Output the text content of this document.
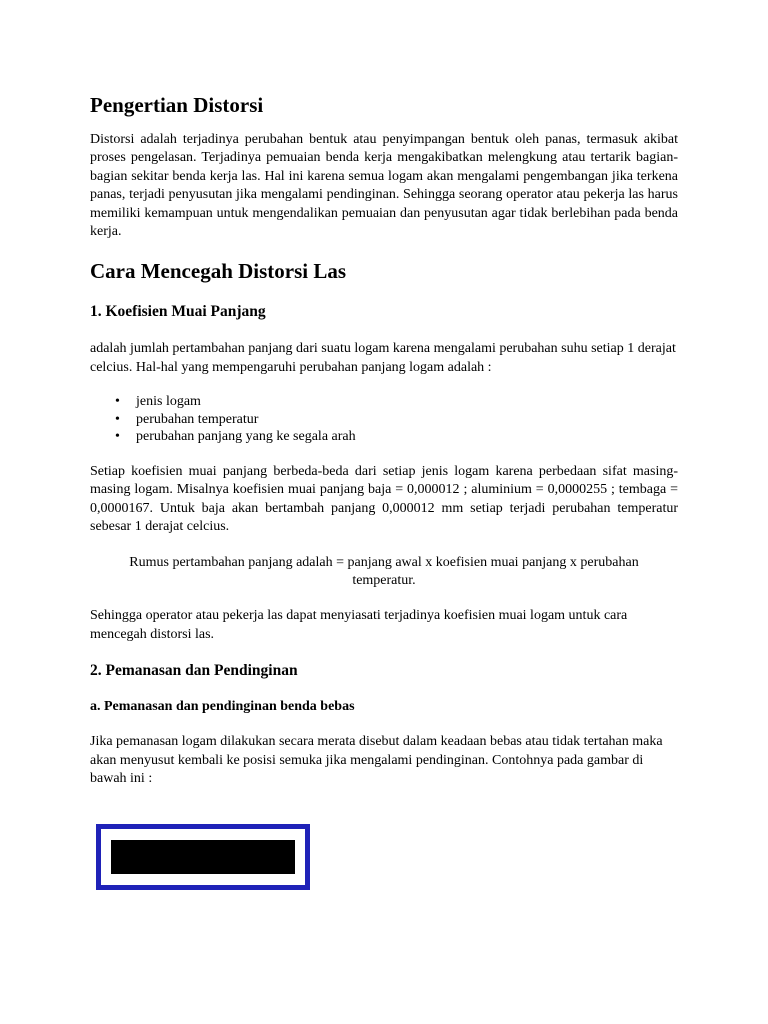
Pengertian Distorsi

Distorsi adalah terjadinya perubahan bentuk atau penyimpangan bentuk oleh panas, termasuk akibat proses pengelasan. Terjadinya pemuaian benda kerja mengakibatkan melengkung atau tertarik bagian-bagian sekitar benda kerja las. Hal ini karena semua logam akan mengalami pengembangan jika terkena panas, terjadi penyusutan jika mengalami pendinginan. Sehingga seorang operator atau pekerja las harus memiliki kemampuan untuk mengendalikan pemuaian dan penyusutan agar tidak berlebihan pada benda kerja.

Cara Mencegah Distorsi Las
1. Koefisien Muai Panjang

adalah jumlah pertambahan panjang dari suatu logam karena mengalami perubahan suhu setiap 1 derajat celcius. Hal-hal yang mempengaruhi perubahan panjang logam adalah :

• jenis logam
• perubahan temperatur
• perubahan panjang yang ke segala arah

Setiap koefisien muai panjang berbeda-beda dari setiap jenis logam karena perbedaan sifat masing-masing logam. Misalnya koefisien muai panjang baja = 0,000012 ; aluminium = 0,0000255 ; tembaga = 0,0000167. Untuk baja akan bertambah panjang 0,000012 mm setiap terjadi perubahan temperatur sebesar 1 derajat celcius.

Rumus pertambahan panjang adalah = panjang awal x koefisien muai panjang x perubahan temperatur.

Sehingga operator atau pekerja las dapat menyiasati terjadinya koefisien muai logam untuk cara mencegah distorsi las.

2. Pemanasan dan Pendinginan
a. Pemanasan dan pendinginan benda bebas

Jika pemanasan logam dilakukan secara merata disebut dalam keadaan bebas atau tidak tertahan maka akan menyusut kembali ke posisi semuka jika mengalami pendinginan. Contohnya pada gambar di bawah ini :
